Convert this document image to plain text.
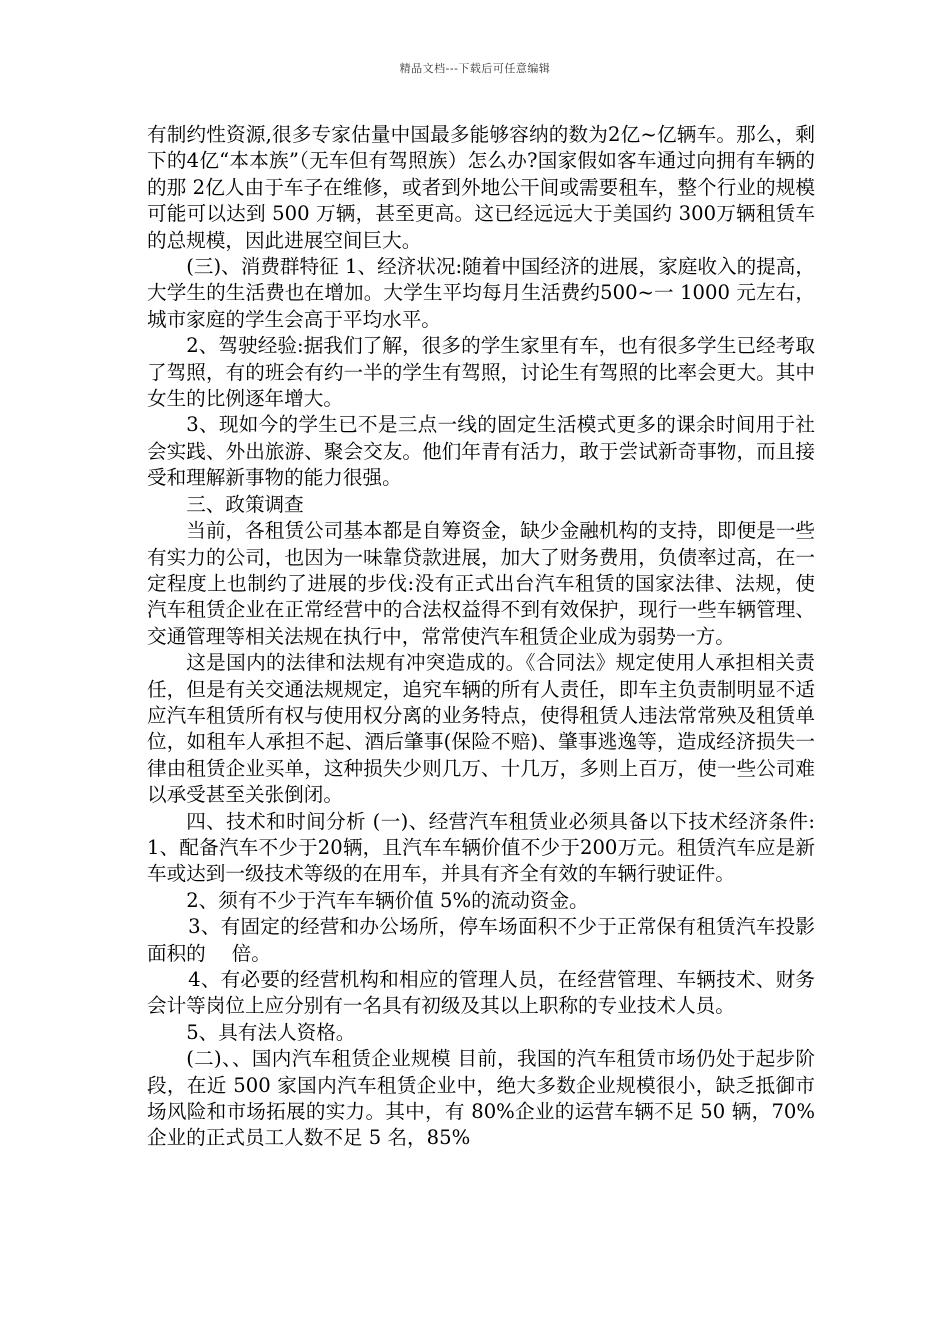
精品文档---下载后可任意编辑

有制约性资源,很多专家估量中国最多能够容纳的数为2亿~亿辆车。那么，剩下的4亿“本本族”（无车但有驾照族）怎么办?国家假如客车通过向拥有车辆的的那 2亿人由于车子在维修，或者到外地公干间或需要租车，整个行业的规模可能可以达到 500 万辆，甚至更高。这已经远远大于美国约 300万辆租赁车的总规模，因此进展空间巨大。

(三)、消费群特征 1、经济状况:随着中国经济的进展，家庭收入的提高，大学生的生活费也在增加。大学生平均每月生活费约500~一 1000 元左右，城市家庭的学生会高于平均水平。

2、驾驶经验:据我们了解，很多的学生家里有车，也有很多学生已经考取了驾照，有的班会有约一半的学生有驾照，讨论生有驾照的比率会更大。其中女生的比例逐年增大。

3、现如今的学生已不是三点一线的固定生活模式更多的课余时间用于社会实践、外出旅游、聚会交友。他们年青有活力，敢于尝试新奇事物，而且接受和理解新事物的能力很强。

三、政策调查

当前，各租赁公司基本都是自筹资金，缺少金融机构的支持，即便是一些有实力的公司，也因为一味靠贷款进展，加大了财务费用，负债率过高，在一定程度上也制约了进展的步伐:没有正式出台汽车租赁的国家法律、法规，使汽车租赁企业在正常经营中的合法权益得不到有效保护，现行一些车辆管理、交通管理等相关法规在执行中，常常使汽车租赁企业成为弱势一方。

这是国内的法律和法规有冲突造成的。《合同法》规定使用人承担相关责任，但是有关交通法规规定，追究车辆的所有人责任，即车主负责制明显不适应汽车租赁所有权与使用权分离的业务特点，使得租赁人违法常常殃及租赁单位，如租车人承担不起、酒后肇事(保险不赔)、肇事逃逸等，造成经济损失一律由租赁企业买单，这种损失少则几万、十几万，多则上百万，使一些公司难以承受甚至关张倒闭。

四、技术和时间分析 (一)、经营汽车租赁业必须具备以下技术经济条件: 1、配备汽车不少于20辆，且汽车车辆价值不少于200万元。租赁汽车应是新车或达到一级技术等级的在用车，并具有齐全有效的车辆行驶证件。

2、须有不少于汽车车辆价值 5%的流动资金。

3、有固定的经营和办公场所，停车场面积不少于正常保有租赁汽车投影面积的　 倍。

4、有必要的经营机构和相应的管理人员，在经营管理、车辆技术、财务会计等岗位上应分别有一名具有初级及其以上职称的专业技术人员。

5、具有法人资格。

(二)、、国内汽车租赁企业规模 目前，我国的汽车租赁市场仍处于起步阶段，在近 500 家国内汽车租赁企业中，绝大多数企业规模很小，缺乏抵御市场风险和市场拓展的实力。其中，有 80%企业的运营车辆不足 50 辆，70%企业的正式员工人数不足 5 名，85%
